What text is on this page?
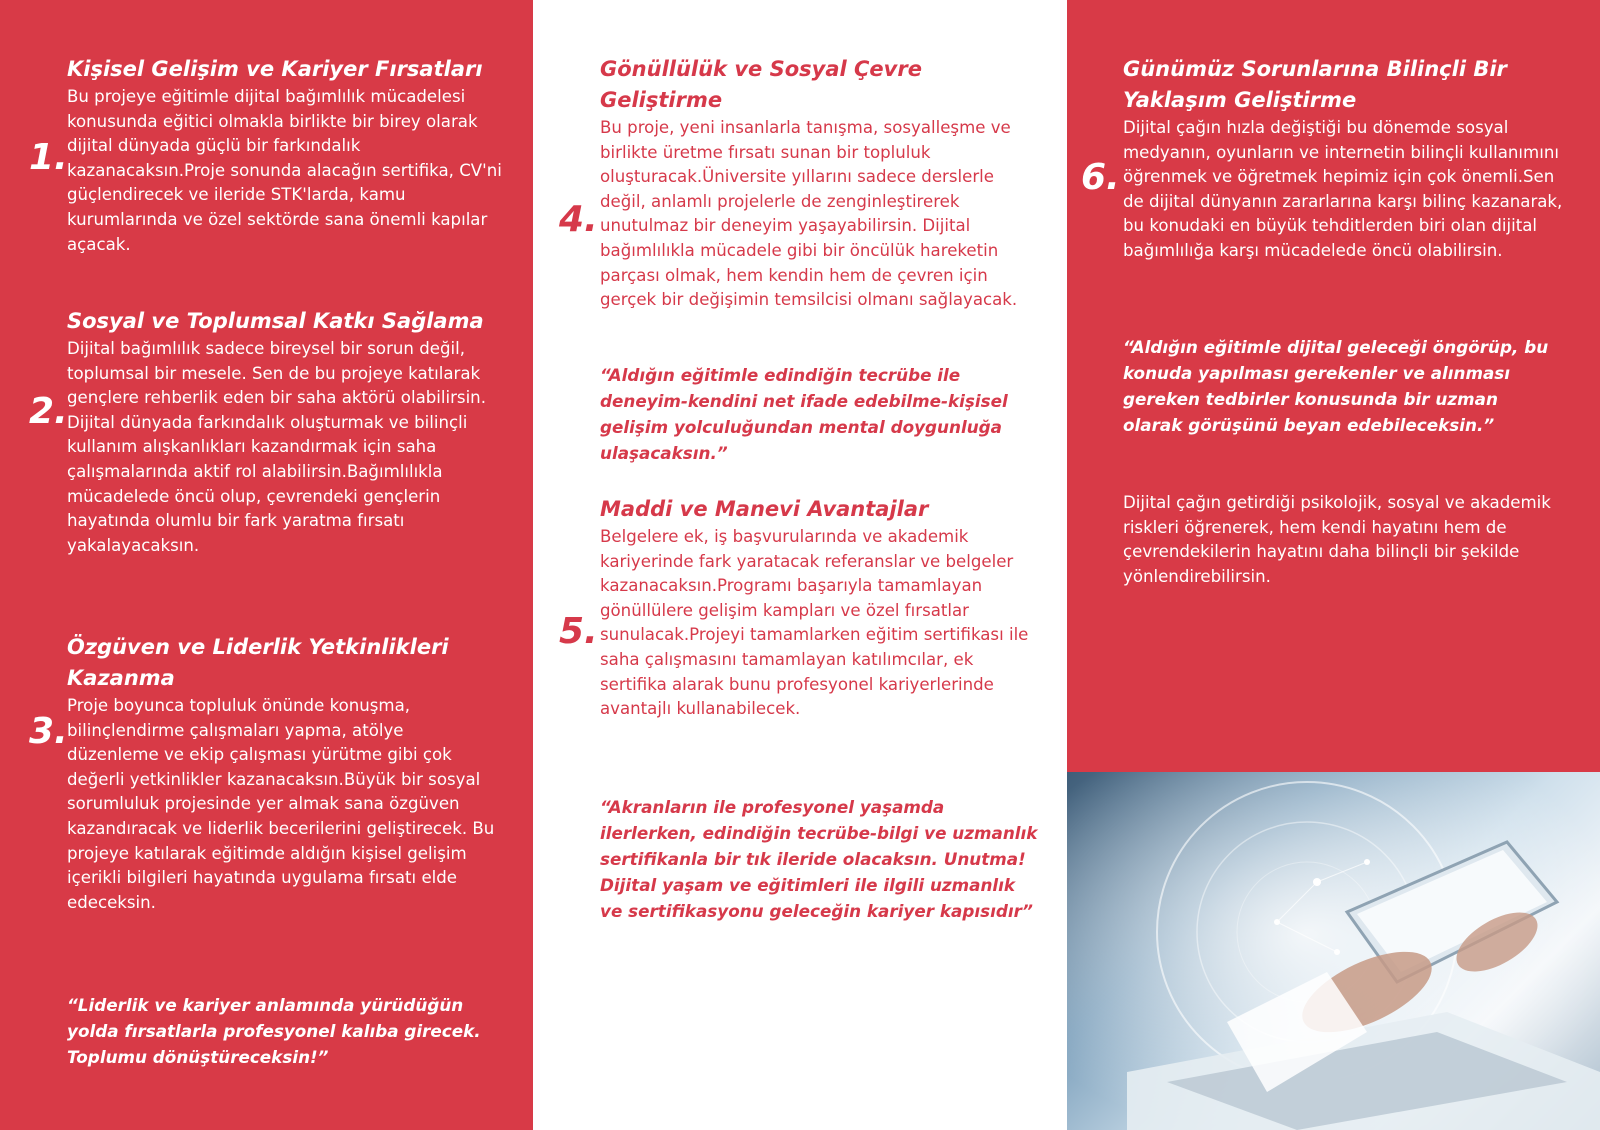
1.

Kişisel Gelişim ve Kariyer Fırsatları

Bu projeye eğitimle dijital bağımlılık mücadelesi konusunda eğitici olmakla birlikte bir birey olarak dijital dünyada güçlü bir farkındalık kazanacaksın.Proje sonunda alacağın sertifika, CV'ni güçlendirecek ve ileride STK'larda, kamu kurumlarında ve özel sektörde sana önemli kapılar açacak.

2.

Sosyal ve Toplumsal Katkı Sağlama

Dijital bağımlılık sadece bireysel bir sorun değil, toplumsal bir mesele. Sen de bu projeye katılarak gençlere rehberlik eden bir saha aktörü olabilirsin. Dijital dünyada farkındalık oluşturmak ve bilinçli kullanım alışkanlıkları kazandırmak için saha çalışmalarında aktif rol alabilirsin.Bağımlılıkla mücadelede öncü olup, çevrendeki gençlerin hayatında olumlu bir fark yaratma fırsatı yakalayacaksın.

3.

Özgüven ve Liderlik Yetkinlikleri Kazanma

Proje boyunca topluluk önünde konuşma, bilinçlendirme çalışmaları yapma, atölye düzenleme ve ekip çalışması yürütme gibi çok değerli yetkinlikler kazanacaksın.Büyük bir sosyal sorumluluk projesinde yer almak sana özgüven kazandıracak ve liderlik becerilerini geliştirecek. Bu projeye katılarak eğitimde aldığın kişisel gelişim içerikli bilgileri hayatında uygulama fırsatı elde edeceksin.

“Liderlik ve kariyer anlamında yürüdüğün yolda fırsatlarla profesyonel kalıba girecek. Toplumu dönüştüreceksin!”

4.

Gönüllülük ve Sosyal Çevre Geliştirme

Bu proje, yeni insanlarla tanışma, sosyalleşme ve birlikte üretme fırsatı sunan bir topluluk oluşturacak.Üniversite yıllarını sadece derslerle değil, anlamlı projelerle de zenginleştirerek unutulmaz bir deneyim yaşayabilirsin. Dijital bağımlılıkla mücadele gibi bir öncülük hareketin parçası olmak, hem kendin hem de çevren için gerçek bir değişimin temsilcisi olmanı sağlayacak.

“Aldığın eğitimle edindiğin tecrübe ile deneyim-kendini net ifade edebilme-kişisel gelişim yolculuğundan mental doygunluğa ulaşacaksın.”

5.

Maddi ve Manevi Avantajlar

Belgelere ek, iş başvurularında ve akademik kariyerinde fark yaratacak referanslar ve belgeler kazanacaksın.Programı başarıyla tamamlayan gönüllülere gelişim kampları ve özel fırsatlar sunulacak.Projeyi tamamlarken eğitim sertifikası ile saha çalışmasını tamamlayan katılımcılar, ek sertifika alarak bunu profesyonel kariyerlerinde avantajlı kullanabilecek.

“Akranların ile profesyonel yaşamda ilerlerken, edindiğin tecrübe-bilgi ve uzmanlık sertifikanla bir tık ileride olacaksın. Unutma! Dijital yaşam ve eğitimleri ile ilgili uzmanlık ve sertifikasyonu geleceğin kariyer kapısıdır”

6.

Günümüz Sorunlarına Bilinçli Bir Yaklaşım Geliştirme

Dijital çağın hızla değiştiği bu dönemde sosyal medyanın, oyunların ve internetin bilinçli kullanımını öğrenmek ve öğretmek hepimiz için çok önemli.Sen de dijital dünyanın zararlarına karşı bilinç kazanarak, bu konudaki en büyük tehditlerden biri olan dijital bağımlılığa karşı mücadelede öncü olabilirsin.

“Aldığın eğitimle dijital geleceği öngörüp, bu konuda yapılması gerekenler ve alınması gereken tedbirler konusunda bir uzman olarak görüşünü beyan edebileceksin.”

Dijital çağın getirdiği psikolojik, sosyal ve akademik riskleri öğrenerek, hem kendi hayatını hem de çevrendekilerin hayatını daha bilinçli bir şekilde yönlendirebilirsin.
